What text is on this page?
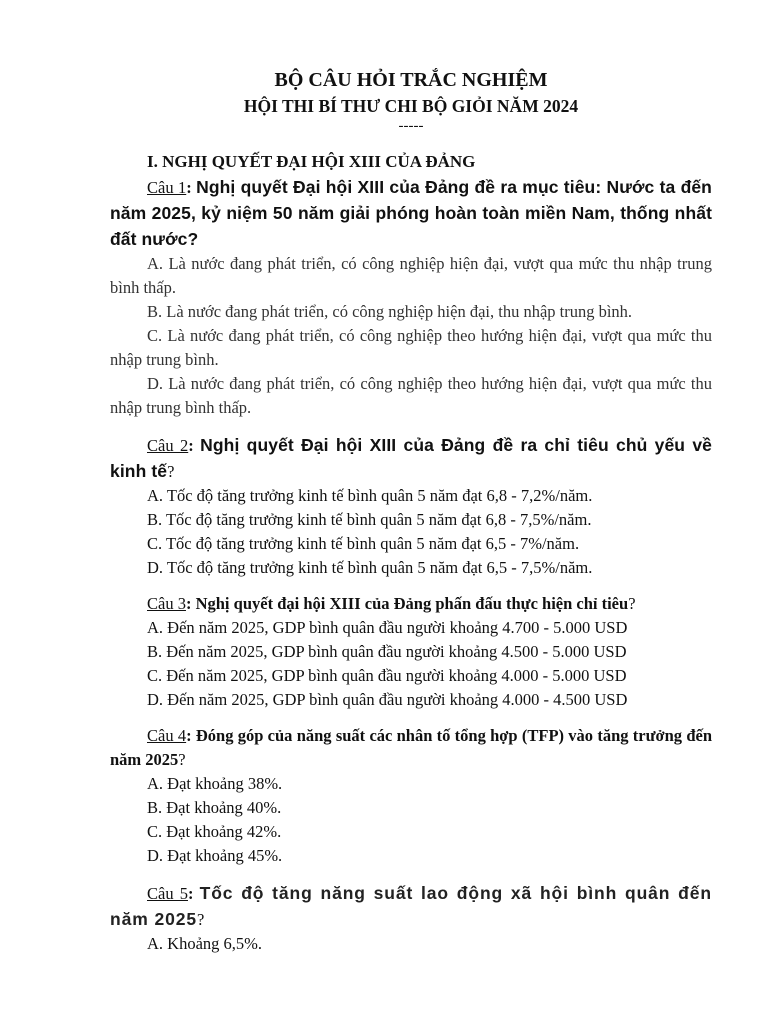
BỘ CÂU HỎI TRẮC NGHIỆM
HỘI THI BÍ THƯ CHI BỘ GIỎI NĂM 2024
-----
I. NGHỊ QUYẾT ĐẠI HỘI XIII CỦA ĐẢNG
Câu 1: Nghị quyết Đại hội XIII của Đảng đề ra mục tiêu: Nước ta đến năm 2025, kỷ niệm 50 năm giải phóng hoàn toàn miền Nam, thống nhất đất nước?
A. Là nước đang phát triển, có công nghiệp hiện đại, vượt qua mức thu nhập trung bình thấp.
B. Là nước đang phát triển, có công nghiệp hiện đại, thu nhập trung bình.
C. Là nước đang phát triển, có công nghiệp theo hướng hiện đại, vượt qua mức thu nhập trung bình.
D. Là nước đang phát triển, có công nghiệp theo hướng hiện đại, vượt qua mức thu nhập trung bình thấp.
Câu 2: Nghị quyết Đại hội XIII của Đảng đề ra chỉ tiêu chủ yếu về kinh tế?
A. Tốc độ tăng trưởng kinh tế bình quân 5 năm đạt 6,8 - 7,2%/năm.
B. Tốc độ tăng trưởng kinh tế bình quân 5 năm đạt 6,8 - 7,5%/năm.
C. Tốc độ tăng trưởng kinh tế bình quân 5 năm đạt 6,5 - 7%/năm.
D. Tốc độ tăng trưởng kinh tế bình quân 5 năm đạt 6,5 - 7,5%/năm.
Câu 3: Nghị quyết đại hội XIII của Đảng phấn đấu thực hiện chỉ tiêu?
A. Đến năm 2025, GDP bình quân đầu người khoảng 4.700 - 5.000 USD
B. Đến năm 2025, GDP bình quân đầu người khoảng 4.500 - 5.000 USD
C. Đến năm 2025, GDP bình quân đầu người khoảng 4.000 - 5.000 USD
D. Đến năm 2025, GDP bình quân đầu người khoảng 4.000 - 4.500 USD
Câu 4: Đóng góp của năng suất các nhân tố tổng hợp (TFP) vào tăng trưởng đến năm 2025?
A. Đạt khoảng 38%.
B. Đạt khoảng 40%.
C. Đạt khoảng 42%.
D. Đạt khoảng 45%.
Câu 5: Tốc độ tăng năng suất lao động xã hội bình quân đến năm 2025?
A. Khoảng 6,5%.
